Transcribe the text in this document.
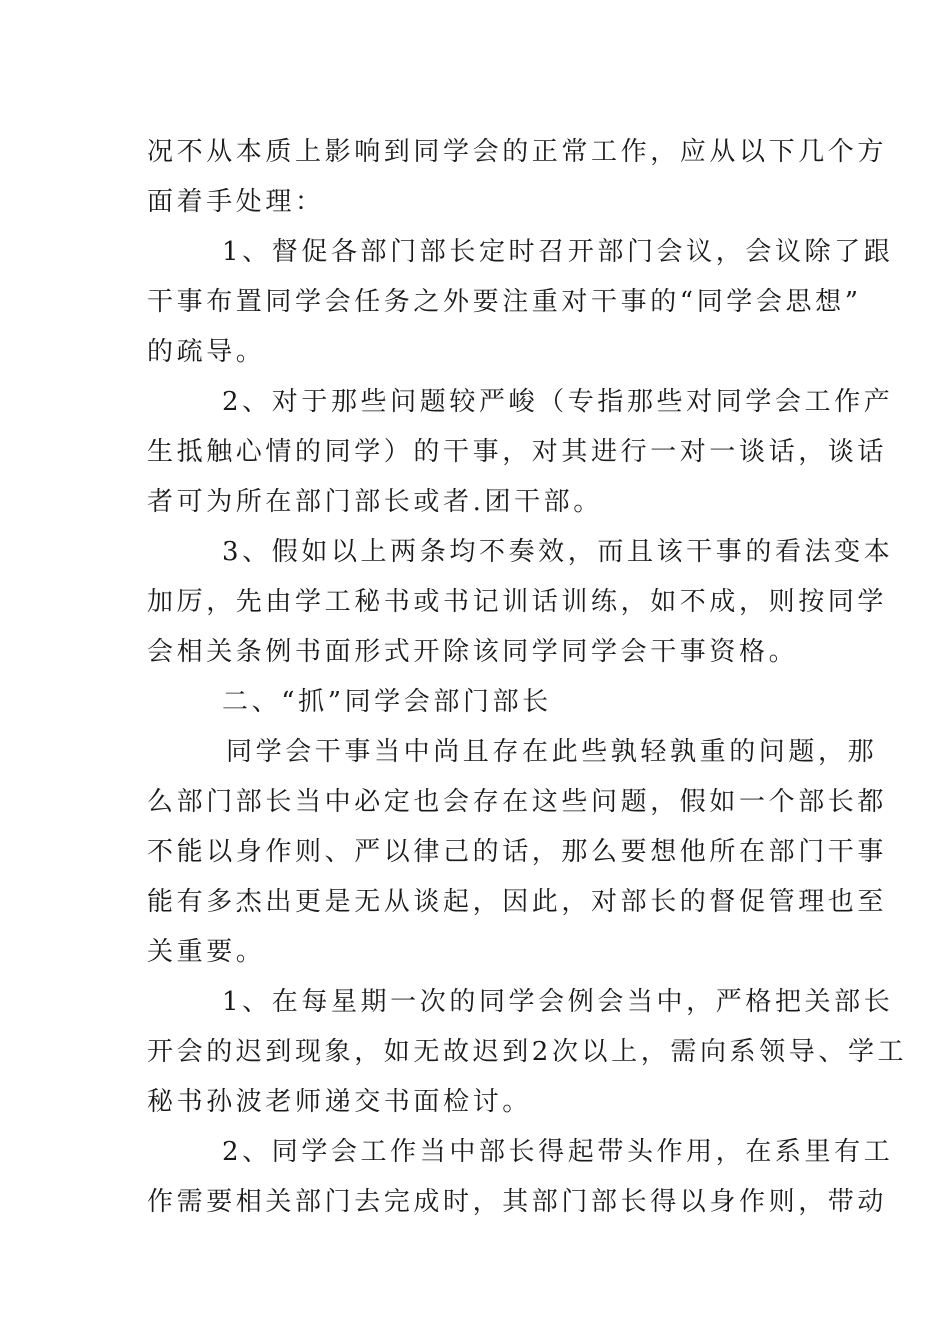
况不从本质上影响到同学会的正常工作，应从以下几个方
面着手处理：
1、督促各部门部长定时召开部门会议，会议除了跟
干事布置同学会任务之外要注重对干事的“同学会思想”
的疏导。
2、对于那些问题较严峻（专指那些对同学会工作产
生抵触心情的同学）的干事，对其进行一对一谈话，谈话
者可为所在部门部长或者.团干部。
3、假如以上两条均不奏效，而且该干事的看法变本
加厉，先由学工秘书或书记训话训练，如不成，则按同学
会相关条例书面形式开除该同学同学会干事资格。
二、“抓”同学会部门部长
同学会干事当中尚且存在此些孰轻孰重的问题，那
么部门部长当中必定也会存在这些问题，假如一个部长都
不能以身作则、严以律己的话，那么要想他所在部门干事
能有多杰出更是无从谈起，因此，对部长的督促管理也至
关重要。
1、在每星期一次的同学会例会当中，严格把关部长
开会的迟到现象，如无故迟到2次以上，需向系领导、学工
秘书孙波老师递交书面检讨。
2、同学会工作当中部长得起带头作用，在系里有工
作需要相关部门去完成时，其部门部长得以身作则，带动
